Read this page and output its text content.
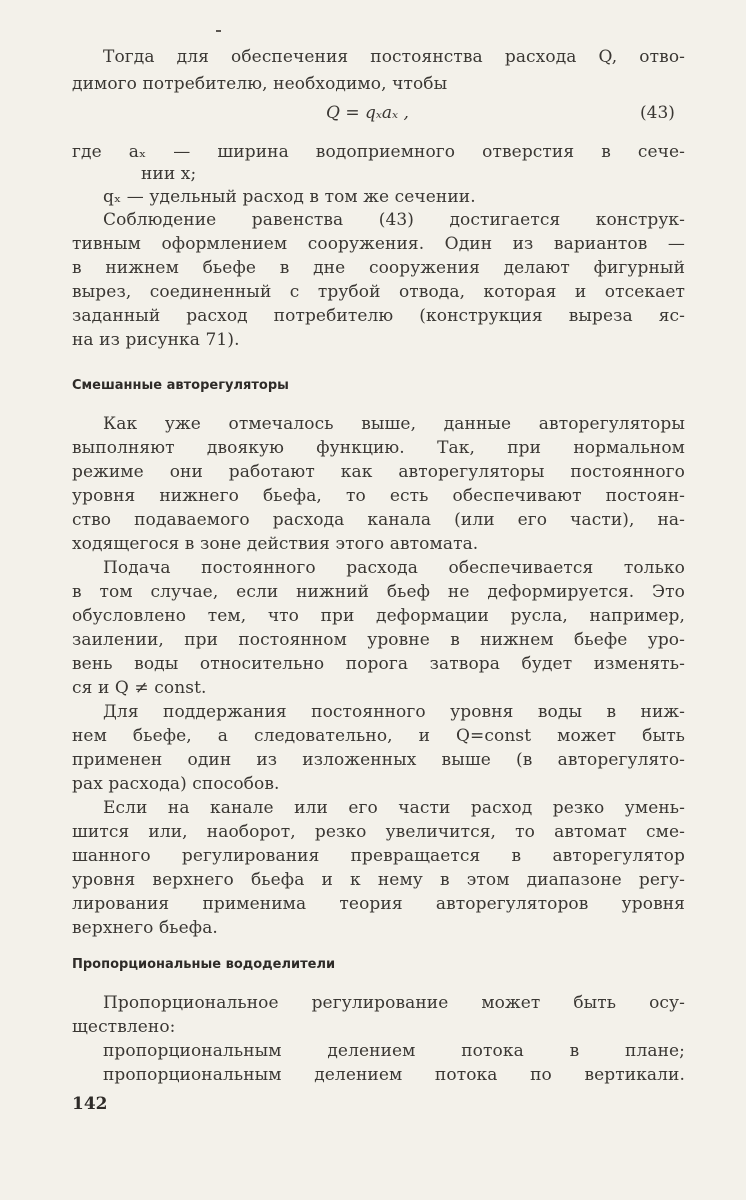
Тогда для обеспечения постоянства расхода Q, отво-
димого потребителю, необходимо, чтобы
Q = qₓaₓ ,	(43)
где aₓ — ширина водоприемного отверстия в сече-
нии x;
qₓ — удельный расход в том же сечении.
Соблюдение равенства (43) достигается конструк-
тивным оформлением сооружения. Один из вариантов —
в нижнем бьефе в дне сооружения делают фигурный
вырез, соединенный с трубой отвода, которая и отсекает
заданный расход потребителю (конструкция выреза яс-
на из рисунка 71).
Смешанные авторегуляторы
Как уже отмечалось выше, данные авторегуляторы
выполняют двоякую функцию. Так, при нормальном
режиме они работают как авторегуляторы постоянного
уровня нижнего бьефа, то есть обеспечивают постоян-
ство подаваемого расхода канала (или его части), на-
ходящегося в зоне действия этого автомата.
Подача постоянного расхода обеспечивается только
в том случае, если нижний бьеф не деформируется. Это
обусловлено тем, что при деформации русла, например,
заилении, при постоянном уровне в нижнем бьефе уро-
вень воды относительно порога затвора будет изменять-
ся и Q ≠ const.
Для поддержания постоянного уровня воды в ниж-
нем бьефе, а следовательно, и Q=const может быть
применен один из изложенных выше (в авторегулято-
рах расхода) способов.
Если на канале или его части расход резко умень-
шится или, наоборот, резко увеличится, то автомат сме-
шанного регулирования превращается в авторегулятор
уровня верхнего бьефа и к нему в этом диапазоне регу-
лирования применима теория авторегуляторов уровня
верхнего бьефа.
Пропорциональные вододелители
Пропорциональное регулирование может быть осу-
ществлено:
пропорциональным делением потока в плане;
пропорциональным делением потока по вертикали.
142
